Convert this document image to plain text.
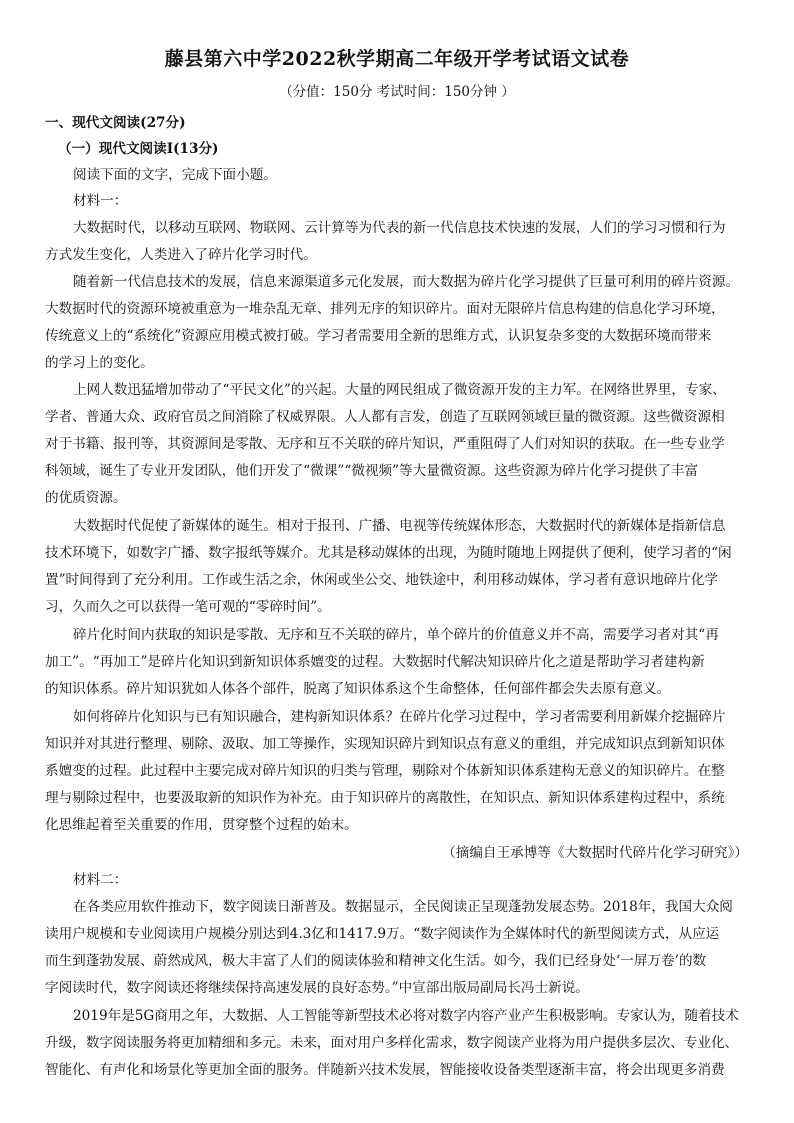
藤县第六中学2022秋学期高二年级开学考试语文试卷
（分值：150分 考试时间：150分钟 ）
一、现代文阅读(27分)
（一）现代文阅读Ⅰ(13分)
阅读下面的文字，完成下面小题。
材料一：
大数据时代，以移动互联网、物联网、云计算等为代表的新一代信息技术快速的发展，人们的学习习惯和行为
方式发生变化，人类进入了碎片化学习时代。
随着新一代信息技术的发展，信息来源渠道多元化发展，而大数据为碎片化学习提供了巨量可利用的碎片资源。
大数据时代的资源环境被重意为一堆杂乱无章、排列无序的知识碎片。面对无限碎片信息构建的信息化学习环境，
传统意义上的“系统化”资源应用模式被打破。学习者需要用全新的思维方式，认识复杂多变的大数据环境而带来
的学习上的变化。
上网人数迅猛增加带动了“平民文化”的兴起。大量的网民组成了微资源开发的主力军。在网络世界里，专家、
学者、普通大众、政府官员之间消除了权威界限。人人都有言发，创造了互联网领域巨量的微资源。这些微资源相
对于书籍、报刊等，其资源间是零散、无序和互不关联的碎片知识，严重阻碍了人们对知识的获取。在一些专业学
科领域，诞生了专业开发团队，他们开发了“微课”“微视频”等大量微资源。这些资源为碎片化学习提供了丰富
的优质资源。
大数据时代促使了新媒体的诞生。相对于报刊、广播、电视等传统媒体形态，大数据时代的新媒体是指新信息
技术环境下，如数字广播、数字报纸等媒介。尤其是移动媒体的出现，为随时随地上网提供了便利，使学习者的“闲
置”时间得到了充分利用。工作或生活之余，休闲或坐公交、地铁途中，利用移动媒体，学习者有意识地碎片化学
习，久而久之可以获得一笔可观的“零碎时间”。
碎片化时间内获取的知识是零散、无序和互不关联的碎片，单个碎片的价值意义并不高，需要学习者对其“再
加工”。“再加工”是碎片化知识到新知识体系嬗变的过程。大数据时代解决知识碎片化之道是帮助学习者建构新
的知识体系。碎片知识犹如人体各个部件，脱离了知识体系这个生命整体，任何部件都会失去原有意义。
如何将碎片化知识与已有知识融合，建构新知识体系？在碎片化学习过程中，学习者需要利用新媒介挖掘碎片
知识并对其进行整理、剔除、汲取、加工等操作，实现知识碎片到知识点有意义的重组，并完成知识点到新知识体
系嬗变的过程。此过程中主要完成对碎片知识的归类与管理，剔除对个体新知识体系建构无意义的知识碎片。在整
理与剔除过程中，也要汲取新的知识作为补充。由于知识碎片的离散性，在知识点、新知识体系建构过程中，系统
化思维起着至关重要的作用，贯穿整个过程的始末。
（摘编自王承博等《大数据时代碎片化学习研究》）
材料二：
在各类应用软件推动下，数字阅读日渐普及。数据显示，全民阅读正呈现蓬勃发展态势。2018年，我国大众阅
读用户规模和专业阅读用户规模分别达到4.3亿和1417.9万。“数字阅读作为全媒体时代的新型阅读方式，从应运
而生到蓬勃发展、蔚然成风，极大丰富了人们的阅读体验和精神文化生活。如今，我们已经身处‘一屏万卷’的数
字阅读时代，数字阅读还将继续保持高速发展的良好态势。”中宣部出版局副局长冯士新说。
2019年是5G商用之年，大数据、人工智能等新型技术必将对数字内容产业产生积极影响。专家认为，随着技术
升级，数字阅读服务将更加精细和多元。未来，面对用户多样化需求，数字阅读产业将为用户提供多层次、专业化、
智能化、有声化和场景化等更加全面的服务。伴随新兴技术发展，智能接收设备类型逐渐丰富，将会出现更多消费
